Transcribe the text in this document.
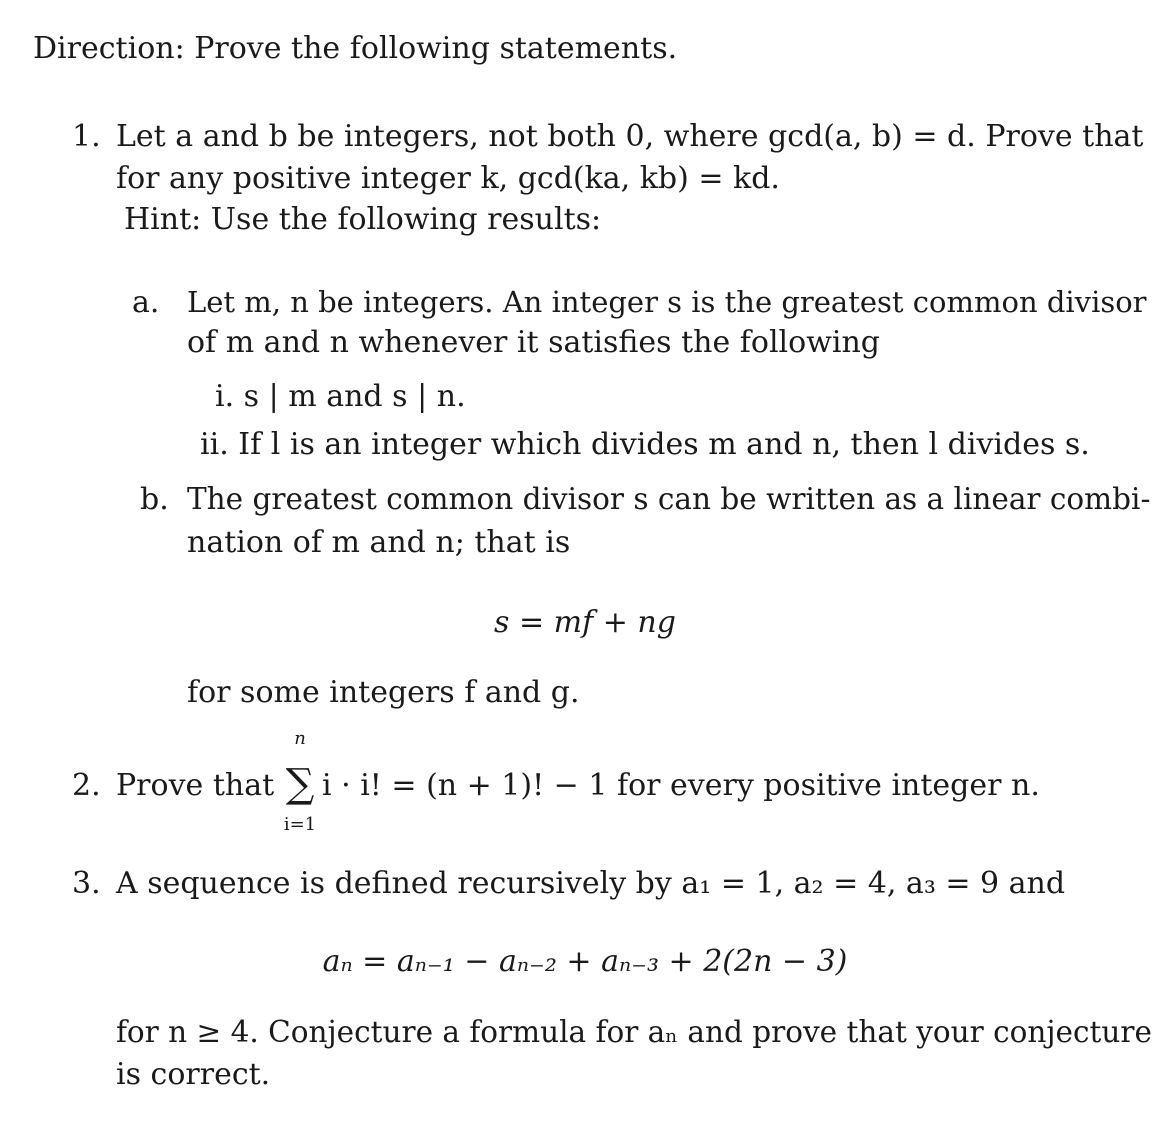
Direction: Prove the following statements.
1. Let a and b be integers, not both 0, where gcd(a, b) = d. Prove that
for any positive integer k, gcd(ka, kb) = kd.
Hint: Use the following results:
a. Let m, n be integers. An integer s is the greatest common divisor
of m and n whenever it satisfies the following
i. s | m and s | n.
ii. If l is an integer which divides m and n, then l divides s.
b. The greatest common divisor s can be written as a linear combi-
nation of m and n; that is
s = mf + ng
for some integers f and g.
2. Prove that
n
∑
i=1
i · i! = (n + 1)! − 1 for every positive integer n.
3. A sequence is defined recursively by a₁ = 1, a₂ = 4, a₃ = 9 and
aₙ = aₙ₋₁ − aₙ₋₂ + aₙ₋₃ + 2(2n − 3)
for n ≥ 4. Conjecture a formula for aₙ and prove that your conjecture
is correct.
